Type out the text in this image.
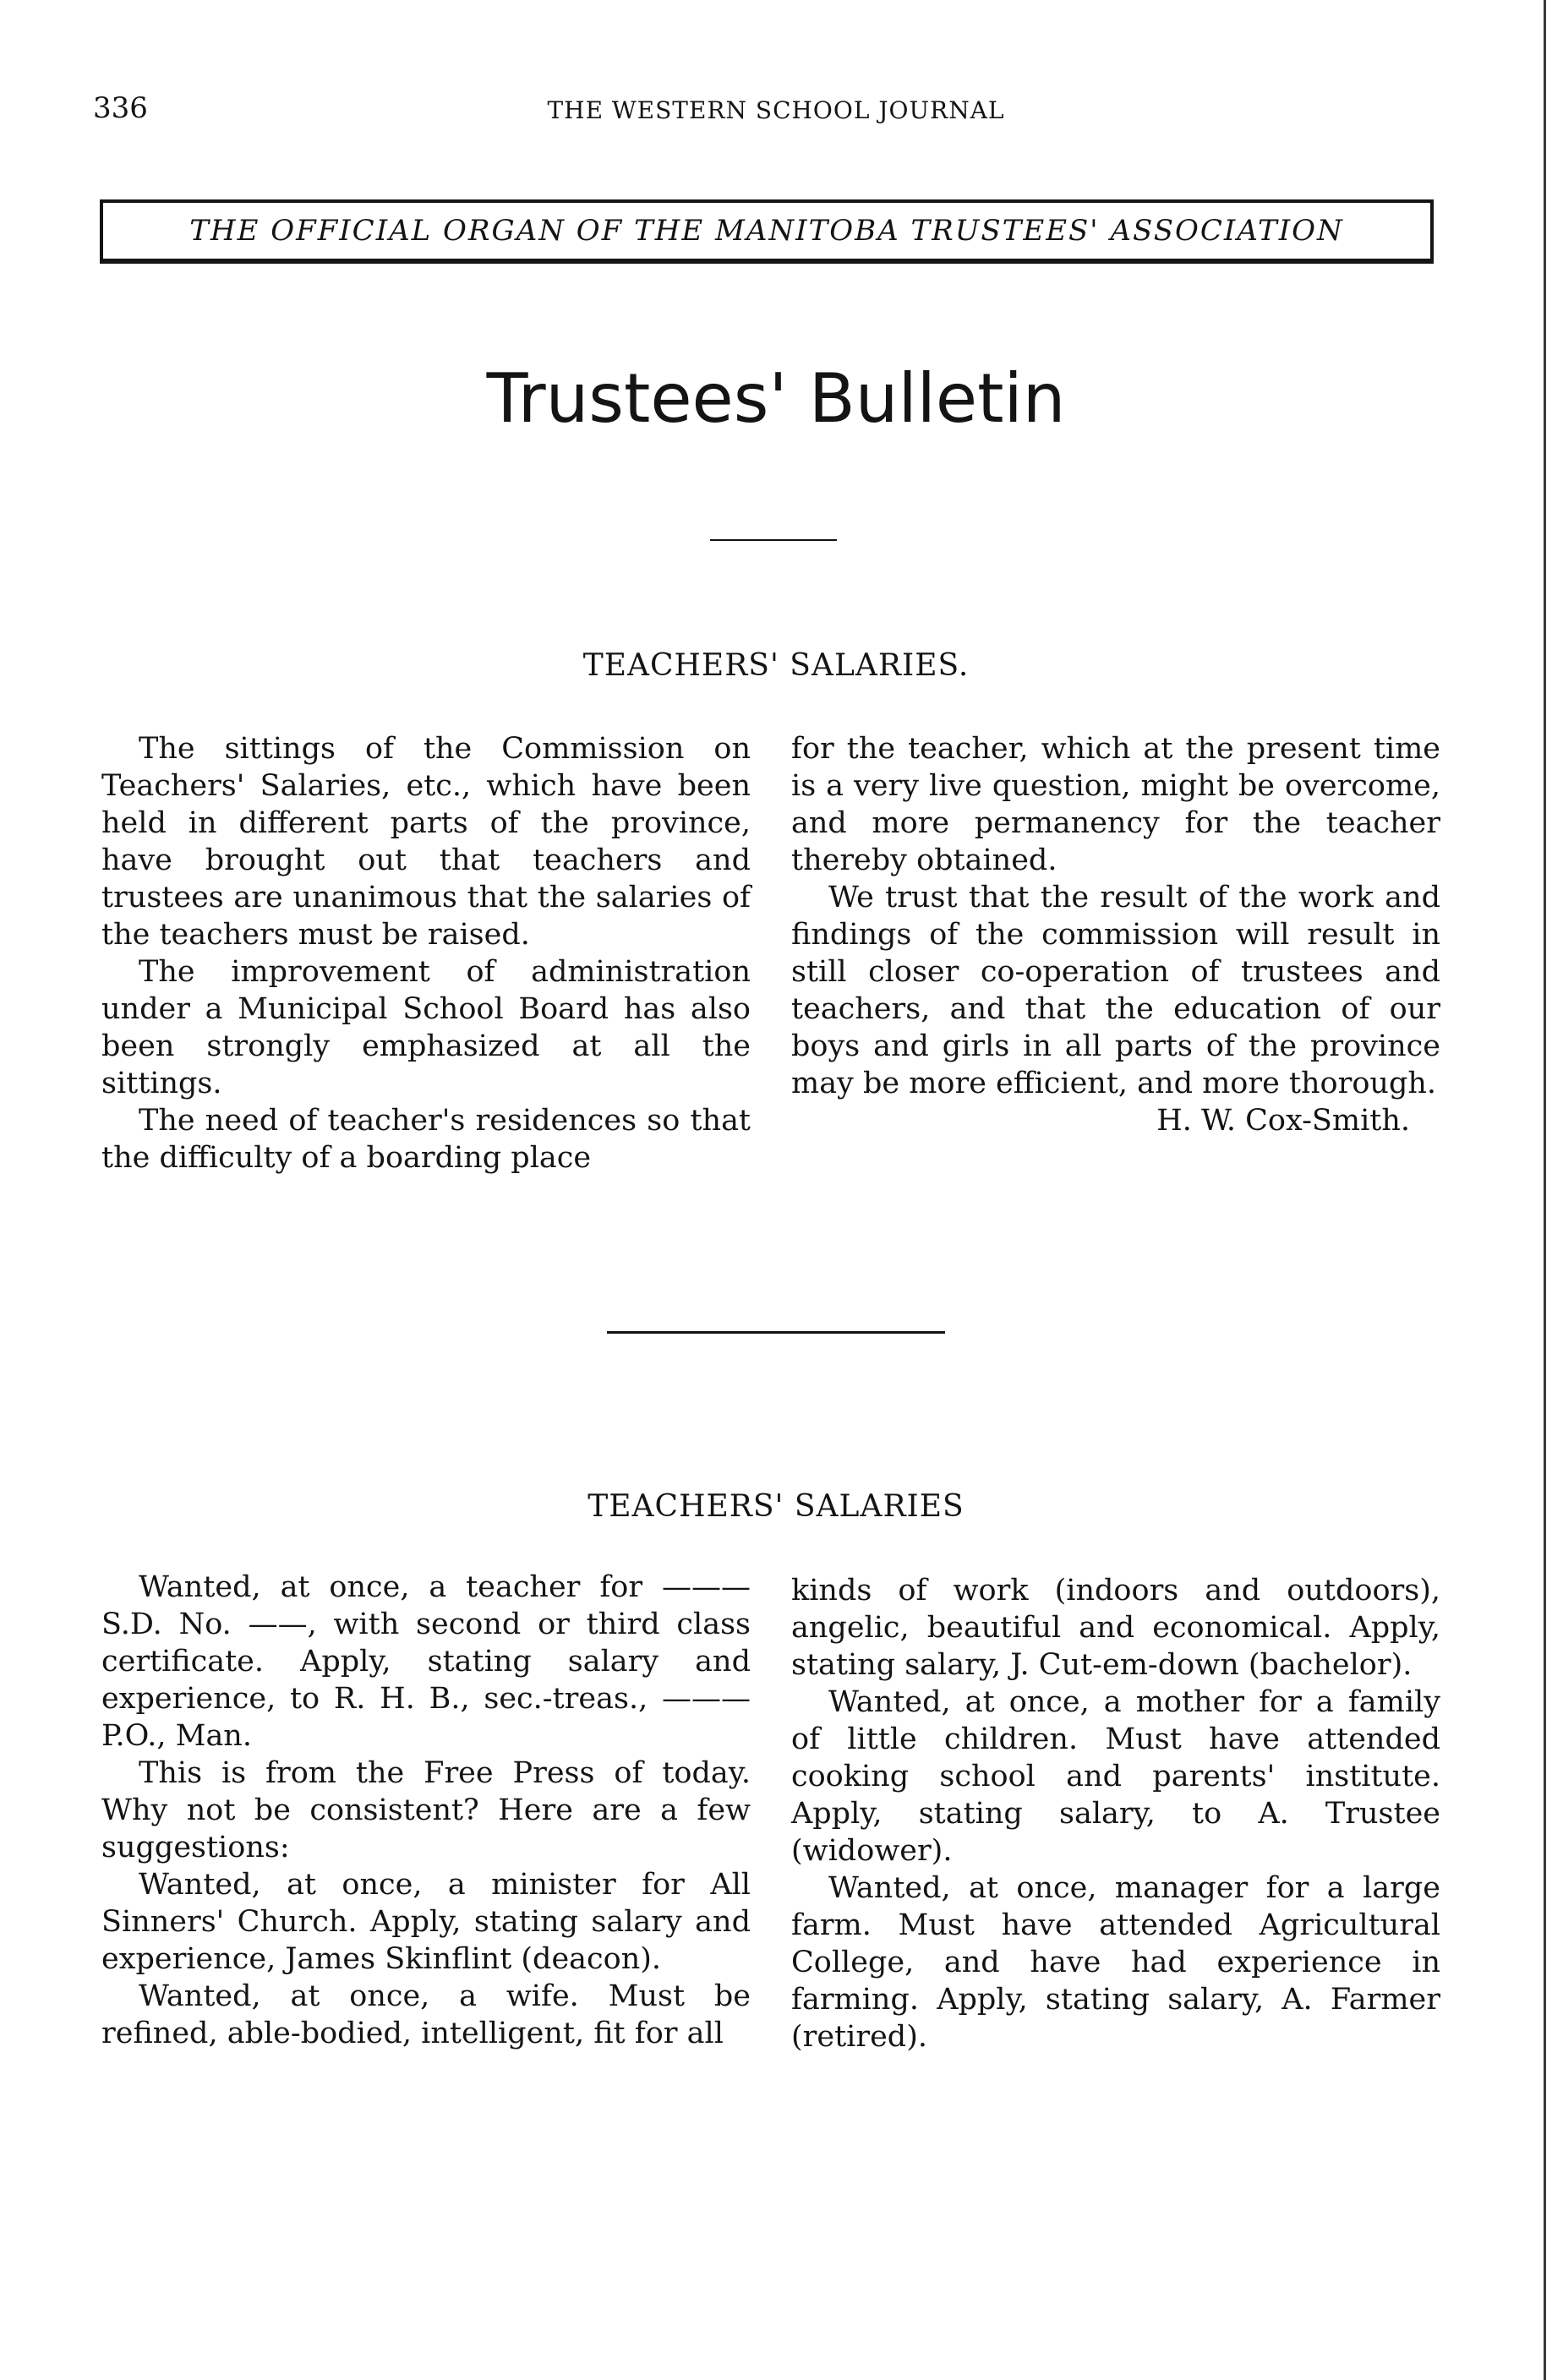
336	THE WESTERN SCHOOL JOURNAL
THE OFFICIAL ORGAN OF THE MANITOBA TRUSTEES' ASSOCIATION
Trustees' Bulletin
TEACHERS' SALARIES.

The sittings of the Commission on Teachers' Salaries, etc., which have been held in different parts of the province, have brought out that teachers and trustees are unanimous that the salaries of the teachers must be raised.

The improvement of administration under a Municipal School Board has also been strongly emphasized at all the sittings.

The need of teacher's residences so that the difficulty of a boarding place

for the teacher, which at the present time is a very live question, might be overcome, and more permanency for the teacher thereby obtained.

We trust that the result of the work and findings of the commission will result in still closer co-operation of trustees and teachers, and that the education of our boys and girls in all parts of the province may be more efficient, and more thorough.

H. W. Cox-Smith.

TEACHERS' SALARIES

Wanted, at once, a teacher for ——— S.D. No. ——, with second or third class certificate. Apply, stating salary and experience, to R. H. B., sec.-treas., ——— P.O., Man.

This is from the Free Press of today. Why not be consistent? Here are a few suggestions:

Wanted, at once, a minister for All Sinners' Church. Apply, stating salary and experience, James Skinflint (deacon).

Wanted, at once, a wife. Must be refined, able-bodied, intelligent, fit for all

kinds of work (indoors and outdoors), angelic, beautiful and economical. Apply, stating salary, J. Cut-em-down (bachelor).

Wanted, at once, a mother for a family of little children. Must have attended cooking school and parents' institute. Apply, stating salary, to A. Trustee (widower).

Wanted, at once, manager for a large farm. Must have attended Agricultural College, and have had experience in farming. Apply, stating salary, A. Farmer (retired).
